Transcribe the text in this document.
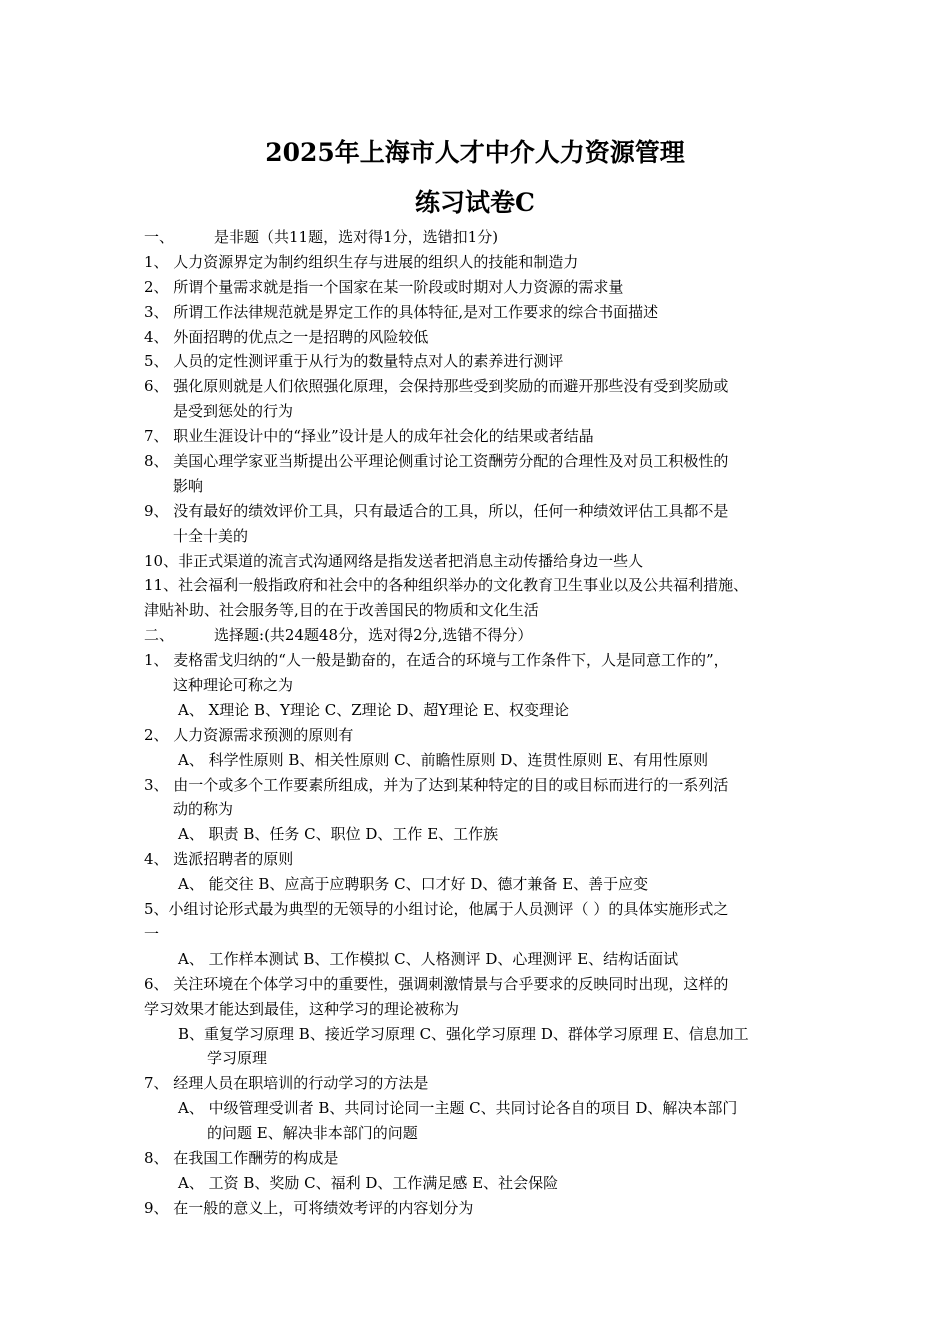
2025年上海市人才中介人力资源管理
练习试卷C
一、	是非题（共11题，选对得1分，选错扣1分)
1、 人力资源界定为制约组织生存与进展的组织人的技能和制造力
2、 所谓个量需求就是指一个国家在某一阶段或时期对人力资源的需求量
3、 所谓工作法律规范就是界定工作的具体特征,是对工作要求的综合书面描述
4、 外面招聘的优点之一是招聘的风险较低
5、 人员的定性测评重于从行为的数量特点对人的素养进行测评
6、 强化原则就是人们依照强化原理，会保持那些受到奖励的而避开那些没有受到奖励或
是受到惩处的行为
7、 职业生涯设计中的“择业”设计是人的成年社会化的结果或者结晶
8、 美国心理学家亚当斯提出公平理论侧重讨论工资酬劳分配的合理性及对员工积极性的
影响
9、 没有最好的绩效评价工具，只有最适合的工具，所以，任何一种绩效评估工具都不是
十全十美的
10、非正式渠道的流言式沟通网络是指发送者把消息主动传播给身边一些人
11、社会福利一般指政府和社会中的各种组织举办的文化教育卫生事业以及公共福利措施、
津贴补助、社会服务等,目的在于改善国民的物质和文化生活
二、	选择题:(共24题48分，选对得2分,选错不得分）
1、 麦格雷戈归纳的“人一般是勤奋的，在适合的环境与工作条件下，人是同意工作的”，
这种理论可称之为
A、 X理论 B、Y理论 C、Z理论 D、超Y理论 E、权变理论
2、 人力资源需求预测的原则有
A、 科学性原则 B、相关性原则 C、前瞻性原则 D、连贯性原则 E、有用性原则
3、 由一个或多个工作要素所组成，并为了达到某种特定的目的或目标而进行的一系列活
动的称为
A、 职责 B、任务 C、职位 D、工作 E、工作族
4、 选派招聘者的原则
A、 能交往 B、应高于应聘职务 C、口才好 D、德才兼备 E、善于应变
5、小组讨论形式最为典型的无领导的小组讨论，他属于人员测评（ ）的具体实施形式之
一
A、 工作样本测试 B、工作模拟 C、人格测评 D、心理测评 E、结构话面试
6、 关注环境在个体学习中的重要性，强调刺激情景与合乎要求的反映同时出现，这样的
学习效果才能达到最佳，这种学习的理论被称为
B、重复学习原理 B、接近学习原理 C、强化学习原理 D、群体学习原理 E、信息加工
学习原理
7、 经理人员在职培训的行动学习的方法是
A、 中级管理受训者 B、共同讨论同一主题 C、共同讨论各自的项目 D、解决本部门
的问题 E、解决非本部门的问题
8、 在我国工作酬劳的构成是
A、 工资 B、奖励 C、福利 D、工作满足感 E、社会保险
9、 在一般的意义上，可将绩效考评的内容划分为
